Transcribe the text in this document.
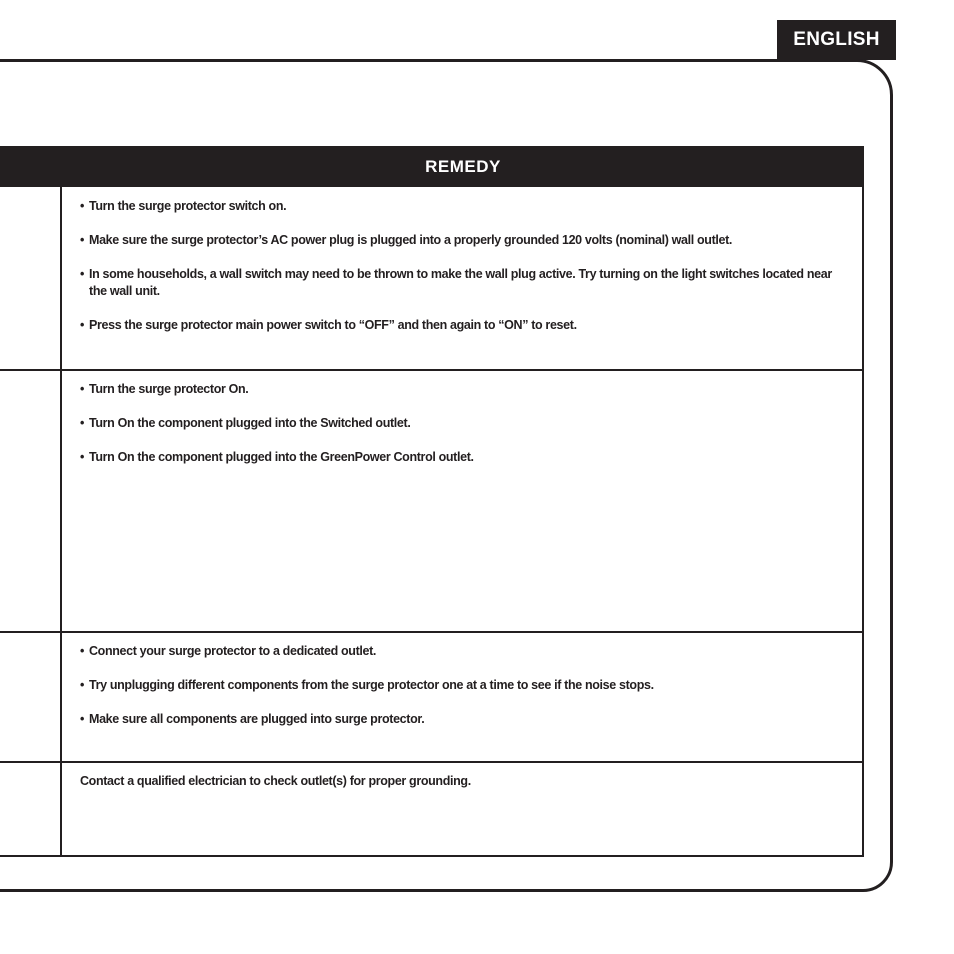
ENGLISH
REMEDY
• Turn the surge protector switch on.
• Make sure the surge protector’s AC power plug is plugged into a properly grounded 120 volts (nominal) wall outlet.
• In some households, a wall switch may need to be thrown to make the wall plug active. Try turning on the light switches located near the wall unit.
• Press the surge protector main power switch to “OFF” and then again to “ON” to reset.
• Turn the surge protector On.
• Turn On the component plugged into the Switched outlet.
• Turn On the component plugged into the GreenPower Control outlet.
• Connect your surge protector to a dedicated outlet.
• Try unplugging different components from the surge protector one at a time to see if the noise stops.
• Make sure all components are plugged into surge protector.

Contact a qualified electrician to check outlet(s) for proper grounding.
